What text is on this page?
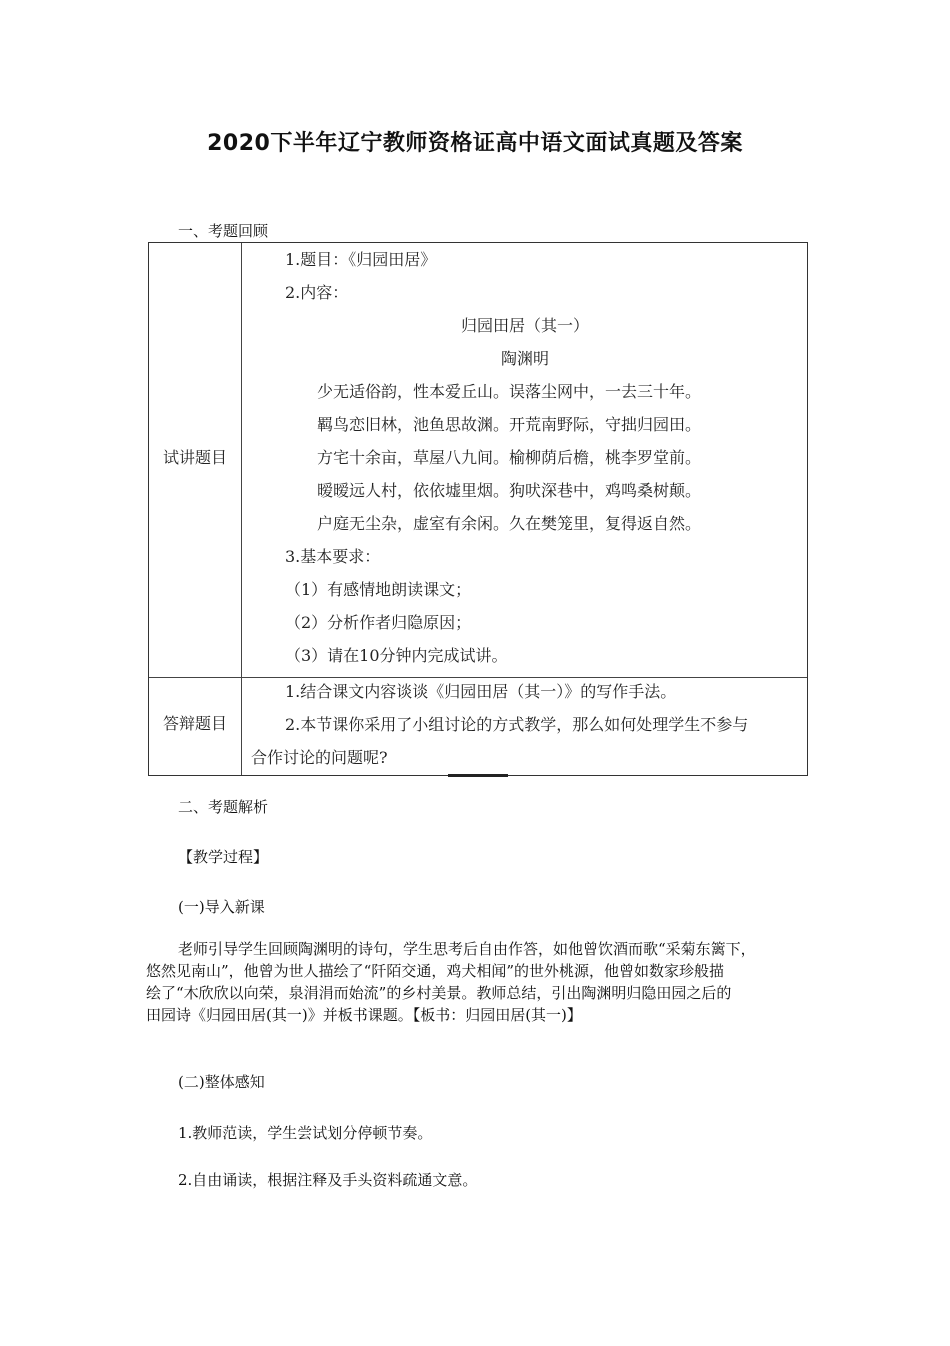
2020下半年辽宁教师资格证高中语文面试真题及答案
一、考题回顾
试讲题目
1.题目：《归园田居》
2.内容：
归园田居（其一）
陶渊明
少无适俗韵，性本爱丘山。误落尘网中，一去三十年。
羁鸟恋旧林，池鱼思故渊。开荒南野际，守拙归园田。
方宅十余亩，草屋八九间。榆柳荫后檐，桃李罗堂前。
暧暧远人村，依依墟里烟。狗吠深巷中，鸡鸣桑树颠。
户庭无尘杂，虚室有余闲。久在樊笼里，复得返自然。
3.基本要求：
（1）有感情地朗读课文；
（2）分析作者归隐原因；
（3）请在10分钟内完成试讲。
答辩题目
1.结合课文内容谈谈《归园田居（其一）》的写作手法。
2.本节课你采用了小组讨论的方式教学，那么如何处理学生不参与
合作讨论的问题呢?
二、考题解析
【教学过程】
(一)导入新课
老师引导学生回顾陶渊明的诗句，学生思考后自由作答，如他曾饮酒而歌“采菊东篱下，
悠然见南山”，他曾为世人描绘了“阡陌交通，鸡犬相闻”的世外桃源，他曾如数家珍般描
绘了“木欣欣以向荣，泉涓涓而始流”的乡村美景。教师总结，引出陶渊明归隐田园之后的
田园诗《归园田居(其一)》并板书课题。【板书：归园田居(其一)】
(二)整体感知
1.教师范读，学生尝试划分停顿节奏。
2.自由诵读，根据注释及手头资料疏通文意。
